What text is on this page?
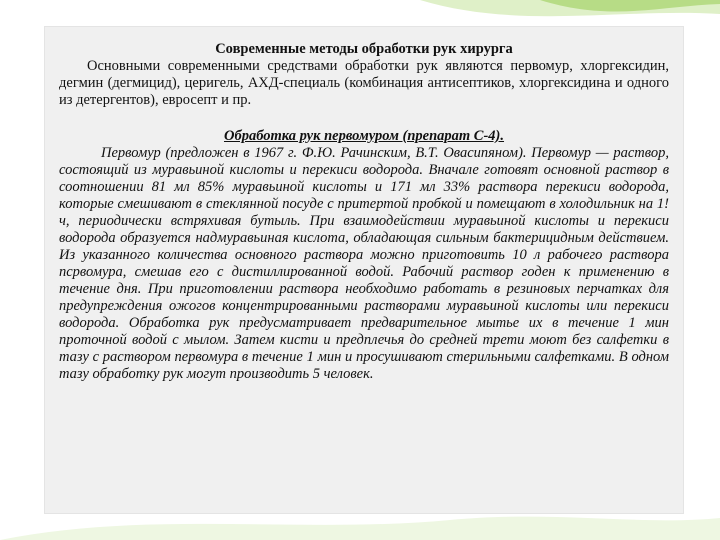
Современные методы обработки рук хирурга

Основными современными средствами обработки рук являются первомур, хлоргексидин, дегмин (дегмицид), церигель, АХД-специаль (комбинация антисептиков, хлоргексидина и одного из детергентов), евросепт и пр.

Обработка рук первомуром (препарат С-4).

Первомур (предложен в 1967 г. Ф.Ю. Рачинским, В.Т. Овасипяном). Первомур — раствор, состоящий из муравьиной кислоты и перекиси водорода. Вначале готовят основной раствор в соотношении 81 мл 85% муравьиной кислоты и 171 мл 33% раствора перекиси водорода, которые смешивают в стеклянной посуде с притертой пробкой и помещают в холодильник на 1! ч, периодически встряхивая бутыль. При взаимодействии муравьиной кислоты и перекиси водорода образуется надмуравьиная кислота, обладающая сильным бактерицидным действием. Из указанного количества основного раствора можно приготовить 10 л рабочего раствора псрвомура, смешав его с дистиллированной водой. Рабочий раствор годен к применению в течение дня. При приготовлении раствора необходимо работать в резиновых перчатках для предупреждения ожогов концентрированными растворами муравьиной кислоты или перекиси водорода. Обработка рук предусматривает предварительное мытье их в течение 1 мин проточной водой с мылом. Затем кисти и предплечья до средней трети моют без салфетки в тазу с раствором первомура в течение 1 мин и просушивают стерильными салфетками. В одном тазу обработку рук могут производить 5 человек.
